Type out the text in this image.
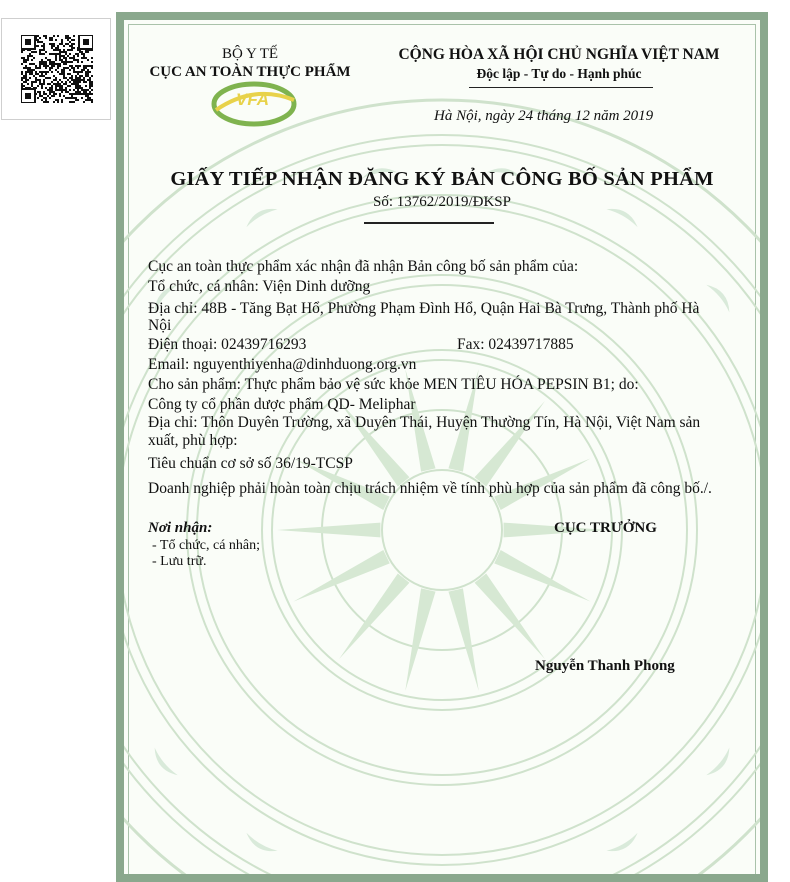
BỘ Y TẾ
CỤC AN TOÀN THỰC PHẨM
VFA
CỘNG HÒA XÃ HỘI CHỦ NGHĨA VIỆT NAM
Độc lập - Tự do - Hạnh phúc
Hà Nội, ngày 24 tháng 12 năm 2019
GIẤY TIẾP NHẬN ĐĂNG KÝ BẢN CÔNG BỐ SẢN PHẨM
Số: 13762/2019/ĐKSP
Cục an toàn thực phẩm xác nhận đã nhận Bản công bố sản phẩm của:
Tổ chức, cá nhân: Viện Dinh dưỡng
Địa chỉ: 48B - Tăng Bạt Hổ, Phường Phạm Đình Hổ, Quận Hai Bà Trưng, Thành phố Hà
Nội
Điện thoại: 02439716293	Fax: 02439717885
Email: nguyenthiyenha@dinhduong.org.vn
Cho sản phẩm: Thực phẩm bảo vệ sức khỏe MEN TIÊU HÓA PEPSIN B1; do:
Công ty cổ phần dược phẩm QD- Meliphar
Địa chỉ: Thôn Duyên Trường, xã Duyên Thái, Huyện Thường Tín, Hà Nội, Việt Nam sản
xuất, phù hợp:
Tiêu chuẩn cơ sở số 36/19-TCSP
Doanh nghiệp phải hoàn toàn chịu trách nhiệm về tính phù hợp của sản phẩm đã công bố./.
Nơi nhận:
- Tổ chức, cá nhân;
- Lưu trữ.
CỤC TRƯỞNG
Nguyễn Thanh Phong
